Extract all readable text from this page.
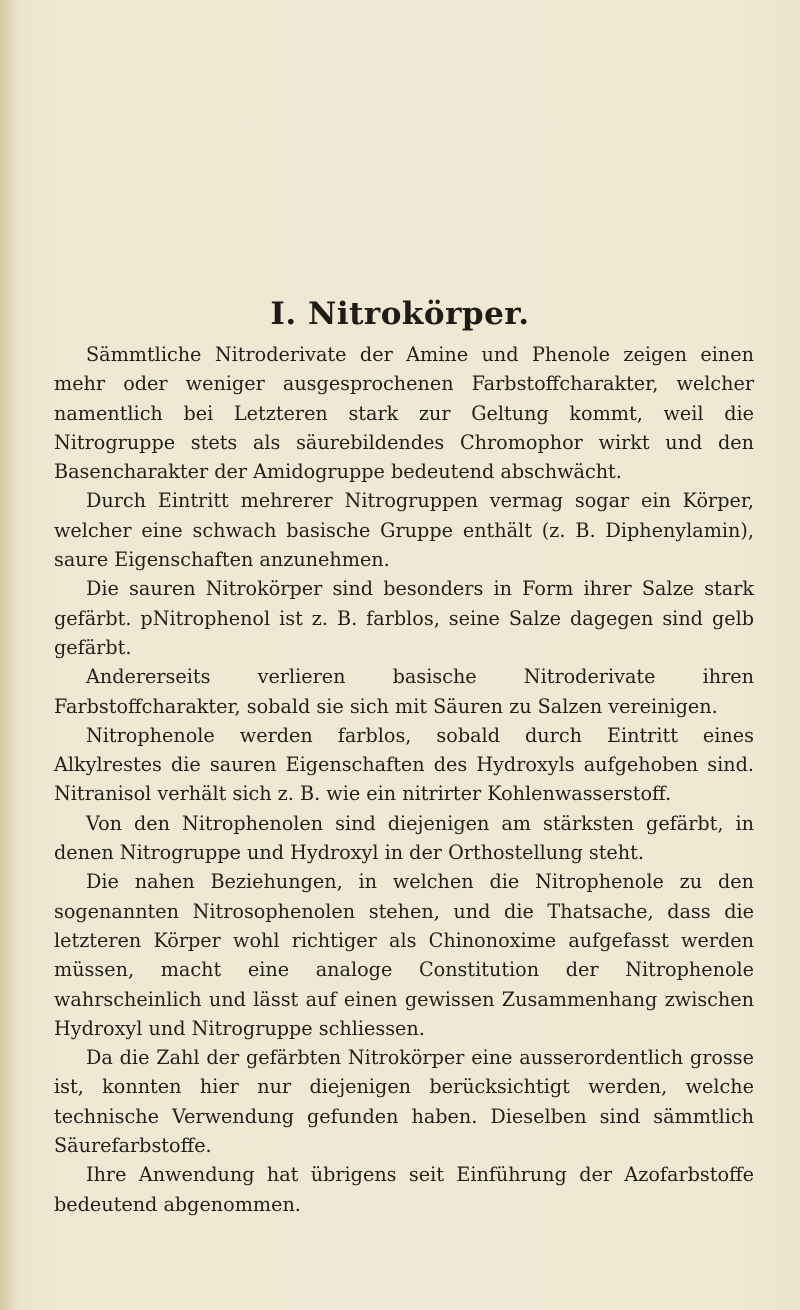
I. Nitrokörper.

Sämmtliche Nitroderivate der Amine und Phenole zeigen einen mehr oder weniger ausgesprochenen Farbstoffcharakter, welcher namentlich bei Letzteren stark zur Geltung kommt, weil die Nitrogruppe stets als säurebildendes Chromophor wirkt und den Basencharakter der Amidogruppe bedeutend abschwächt.

Durch Eintritt mehrerer Nitrogruppen vermag sogar ein Körper, welcher eine schwach basische Gruppe enthält (z. B. Diphenylamin), saure Eigenschaften anzunehmen.

Die sauren Nitrokörper sind besonders in Form ihrer Salze stark gefärbt. pNitrophenol ist z. B. farblos, seine Salze dagegen sind gelb gefärbt.

Andererseits verlieren basische Nitroderivate ihren Farbstoffcharakter, sobald sie sich mit Säuren zu Salzen vereinigen.

Nitrophenole werden farblos, sobald durch Eintritt eines Alkylrestes die sauren Eigenschaften des Hydroxyls aufgehoben sind. Nitranisol verhält sich z. B. wie ein nitrirter Kohlenwasserstoff.

Von den Nitrophenolen sind diejenigen am stärksten gefärbt, in denen Nitrogruppe und Hydroxyl in der Orthostellung steht.

Die nahen Beziehungen, in welchen die Nitrophenole zu den sogenannten Nitrosophenolen stehen, und die Thatsache, dass die letzteren Körper wohl richtiger als Chinonoxime aufgefasst werden müssen, macht eine analoge Constitution der Nitrophenole wahrscheinlich und lässt auf einen gewissen Zusammenhang zwischen Hydroxyl und Nitrogruppe schliessen.

Da die Zahl der gefärbten Nitrokörper eine ausserordentlich grosse ist, konnten hier nur diejenigen berücksichtigt werden, welche technische Verwendung gefunden haben. Dieselben sind sämmtlich Säurefarbstoffe.

Ihre Anwendung hat übrigens seit Einführung der Azofarbstoffe bedeutend abgenommen.
